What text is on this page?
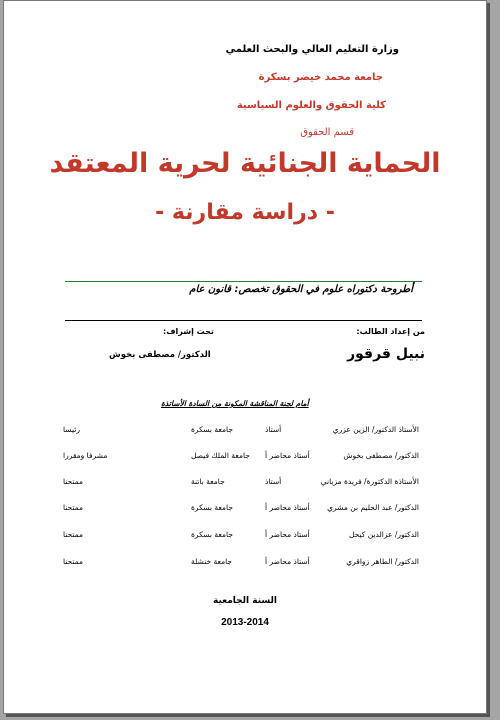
وزارة التعليم العالي والبحث العلمي
جامعة محمد خيضر بسكرة
كلية الحقوق والعلوم السياسية
قسم الحقوق
الحماية الجنائية لحرية المعتقد
- دراسة مقارنة -
أطروحة دكتوراه علوم في الحقوق تخصص: قانون عام
من إعداد الطالب:
تحت إشراف:
نبيل قرقور
الدكتور/ مصطفى بخوش
أمام لجنة المناقشة المكونة من السادة الأساتذة
الأستاذ الدكتور/ الزين عزري
أستاذ
جامعة بسكرة
رئيسا
الدكتور/ مصطفى بخوش
أستاذ محاضر أ
جامعة الملك فيصل
مشرفا ومقررا
الأستاذة الدكتورة/ فريدة مزياني
أستاذ
جامعة باتنة
ممتحنا
الدكتور/ عبد الحليم بن مشري
أستاذ محاضر أ
جامعة بسكرة
ممتحنا
الدكتور/ عزالدين كيحل
أستاذ محاضر أ
جامعة بسكرة
ممتحنا
الدكتور/ الطاهر زواقري
أستاذ محاضر أ
جامعة خنشلة
ممتحنا
السنة الجامعية
2013-2014
